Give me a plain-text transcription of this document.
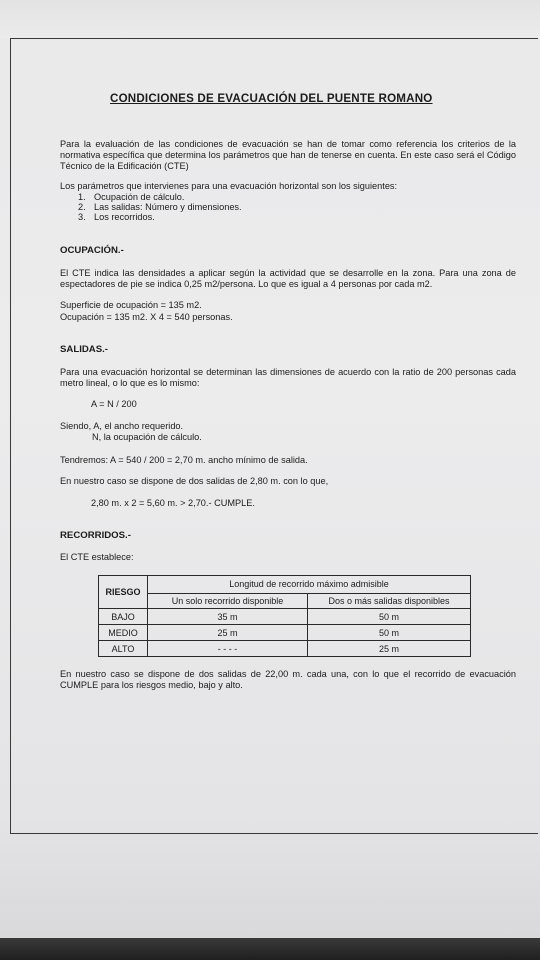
CONDICIONES DE EVACUACIÓN DEL PUENTE ROMANO
Para la evaluación de las condiciones de evacuación se han de tomar como referencia los criterios de la normativa específica que determina los parámetros que han de tenerse en cuenta. En este caso será el Código Técnico de la Edificación (CTE)
Los parámetros que intervienes para una evacuación horizontal son los siguientes:
1. Ocupación de cálculo.
2. Las salidas: Número y dimensiones.
3. Los recorridos.
OCUPACIÓN.-
El CTE indica las densidades a aplicar según la actividad que se desarrolle en la zona. Para una zona de espectadores de pie se indica 0,25 m2/persona. Lo que es igual a 4 personas por cada m2.
Superficie de ocupación = 135 m2.
Ocupación = 135 m2. X 4 = 540 personas.
SALIDAS.-
Para una evacuación horizontal se determinan las dimensiones de acuerdo con la ratio de 200 personas cada metro lineal, o lo que es lo mismo:
A = N / 200
Siendo, A, el ancho requerido.
N, la ocupación de cálculo.
Tendremos: A = 540 / 200 = 2,70 m. ancho mínimo de salida.
En nuestro caso se dispone de dos salidas de 2,80 m. con lo que,
2,80 m. x 2 = 5,60 m. > 2,70.- CUMPLE.
RECORRIDOS.-
El CTE establece:
RIESGO
Longitud de recorrido máximo admisible
Un solo recorrido disponible	Dos o más salidas disponibles
BAJO	35 m	50 m
MEDIO	25 m	50 m
ALTO	- - - -	25 m
En nuestro caso se dispone de dos salidas de 22,00 m. cada una, con lo que el recorrido de evacuación CUMPLE para los riesgos medio, bajo y alto.
